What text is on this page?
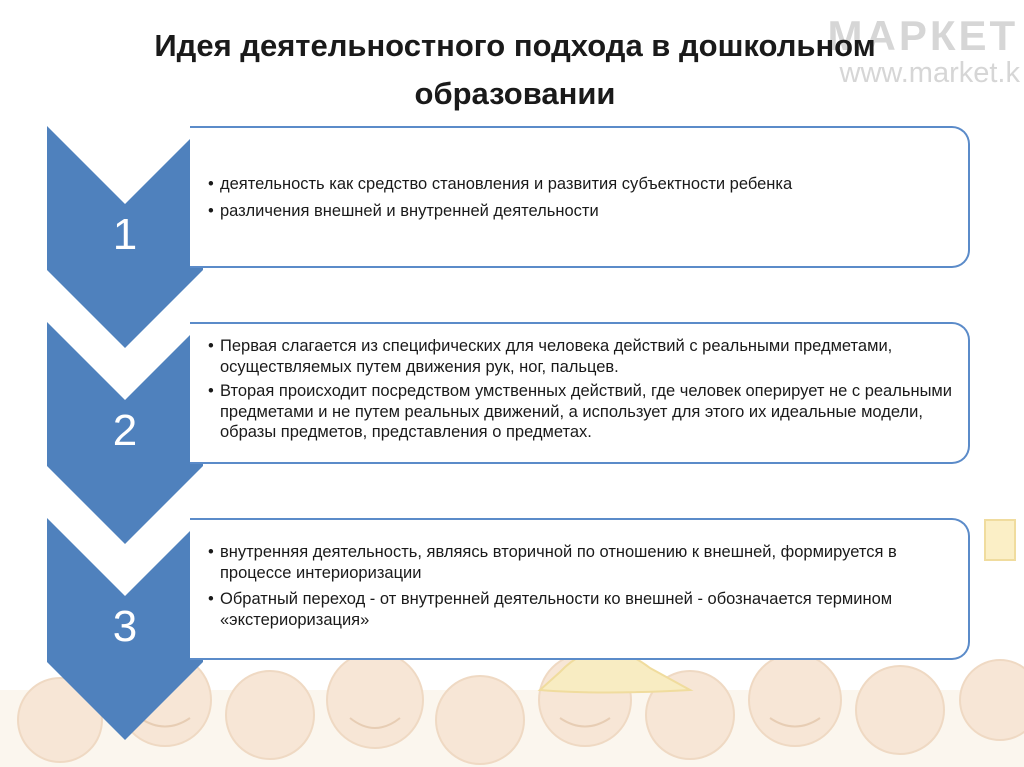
МАРКЕТ
www.market.k
Идея деятельностного подхода в дошкольном образовании
1
• деятельность как средство становления и развития субъектности ребенка
• различения внешней и внутренней деятельности
2
• Первая слагается из специфических для человека действий с реальными предметами, осуществляемых путем движения рук, ног, пальцев.
• Вторая происходит посредством умственных действий, где человек оперирует не с реальными предметами и не путем реальных движений, а использует для этого их идеальные модели, образы предметов, представления о предметах.
3
• внутренняя деятельность, являясь вторичной по отношению к внешней, формируется в процессе интериоризации
• Обратный переход - от внутренней деятельности ко внешней - обозначается термином «экстериоризация»
